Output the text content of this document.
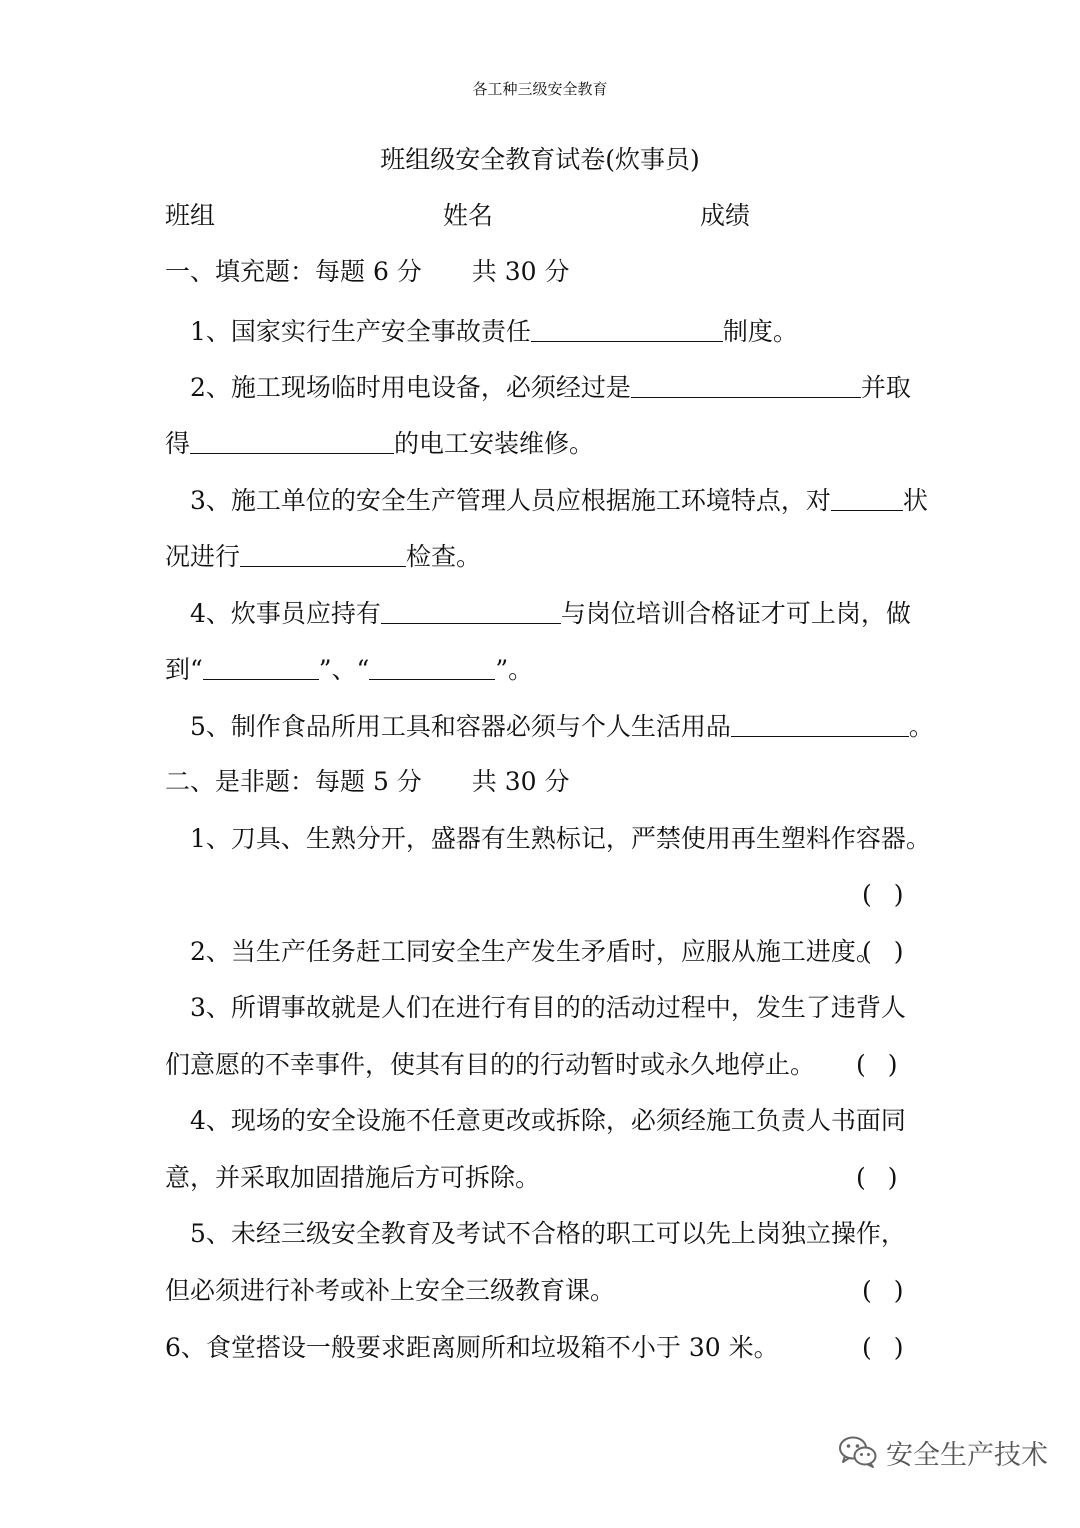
各工种三级安全教育
班组级安全教育试卷(炊事员)
班组	姓名	成绩
一、填充题：每题 6 分　　共 30 分
1、国家实行生产安全事故责任	制度。
2、施工现场临时用电设备，必须经过是	并取
得	的电工安装维修。
3、施工单位的安全生产管理人员应根据施工环境特点，对	状
况进行	检查。
4、炊事员应持有	与岗位培训合格证才可上岗，做
到“	”、“	”。
5、制作食品所用工具和容器必须与个人生活用品	。
二、是非题：每题 5 分　　共 30 分
1、刀具、生熟分开，盛器有生熟标记，严禁使用再生塑料作容器。
()
2、当生产任务赶工同安全生产发生矛盾时，应服从施工进度。
()
3、所谓事故就是人们在进行有目的的活动过程中，发生了违背人
们意愿的不幸事件，使其有目的的行动暂时或永久地停止。 ()
4、现场的安全设施不任意更改或拆除，必须经施工负责人书面同
意，并采取加固措施后方可拆除。	()
5、未经三级安全教育及考试不合格的职工可以先上岗独立操作，
但必须进行补考或补上安全三级教育课。	()
6、食堂搭设一般要求距离厕所和垃圾箱不小于 30 米。	()
安全生产技术
